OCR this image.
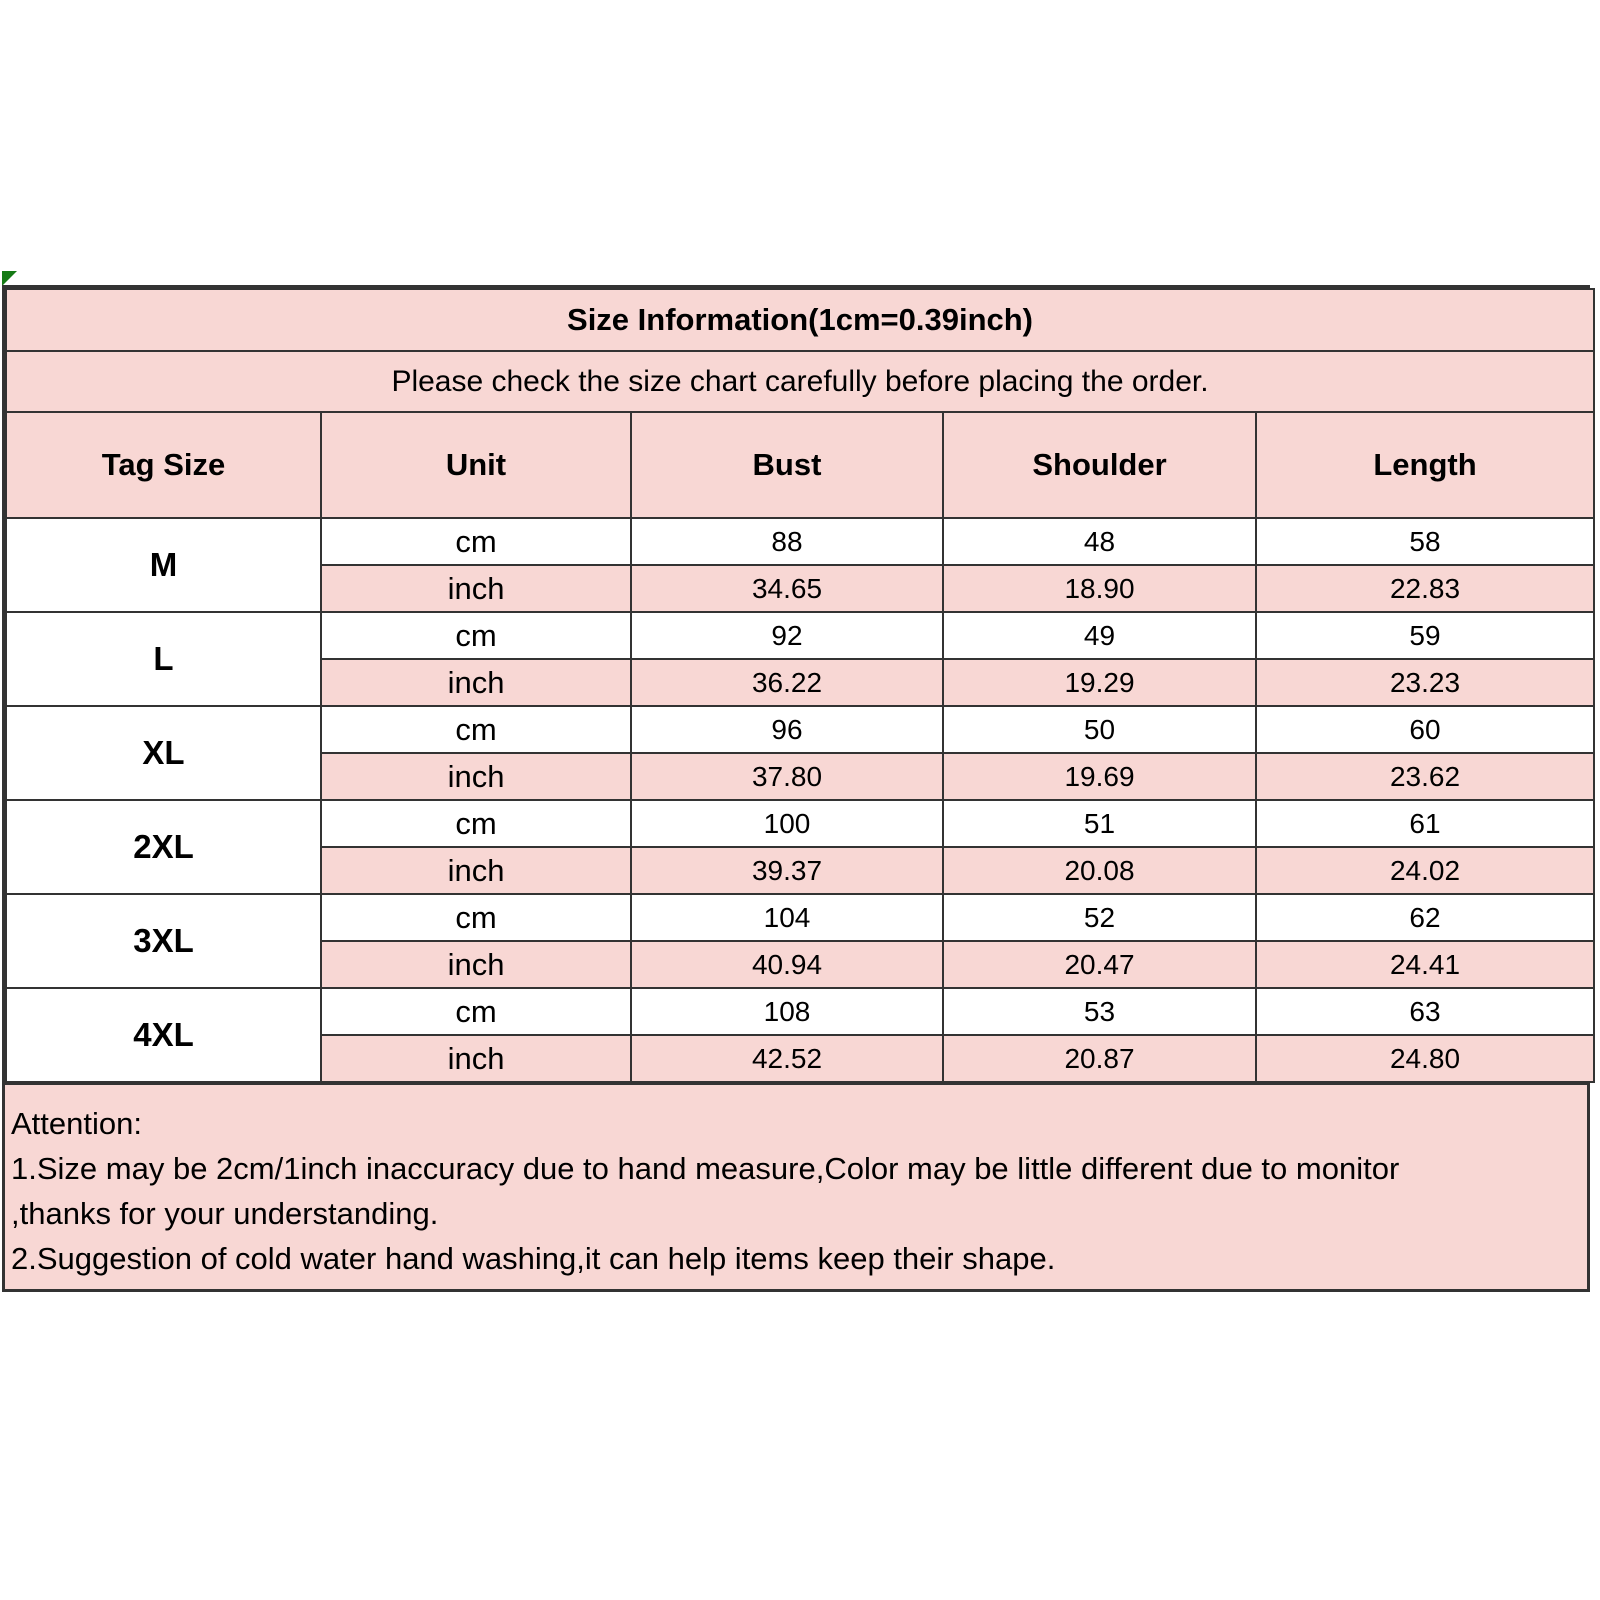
Size Information(1cm=0.39inch)				
Please check the size chart carefully before placing the order.				
Tag Size	Unit	Bust	Shoulder	Length
M	cm	88	48	58
	inch	34.65	18.90	22.83
L	cm	92	49	59
	inch	36.22	19.29	23.23
XL	cm	96	50	60
	inch	37.80	19.69	23.62
2XL	cm	100	51	61
	inch	39.37	20.08	24.02
3XL	cm	104	52	62
	inch	40.94	20.47	24.41
4XL	cm	108	53	63
	inch	42.52	20.87	24.80
Attention:
1.Size may be 2cm/1inch inaccuracy due to hand measure,Color may be little different due to monitor
,thanks for your understanding.
2.Suggestion of cold water hand washing,it can help items keep their shape.
